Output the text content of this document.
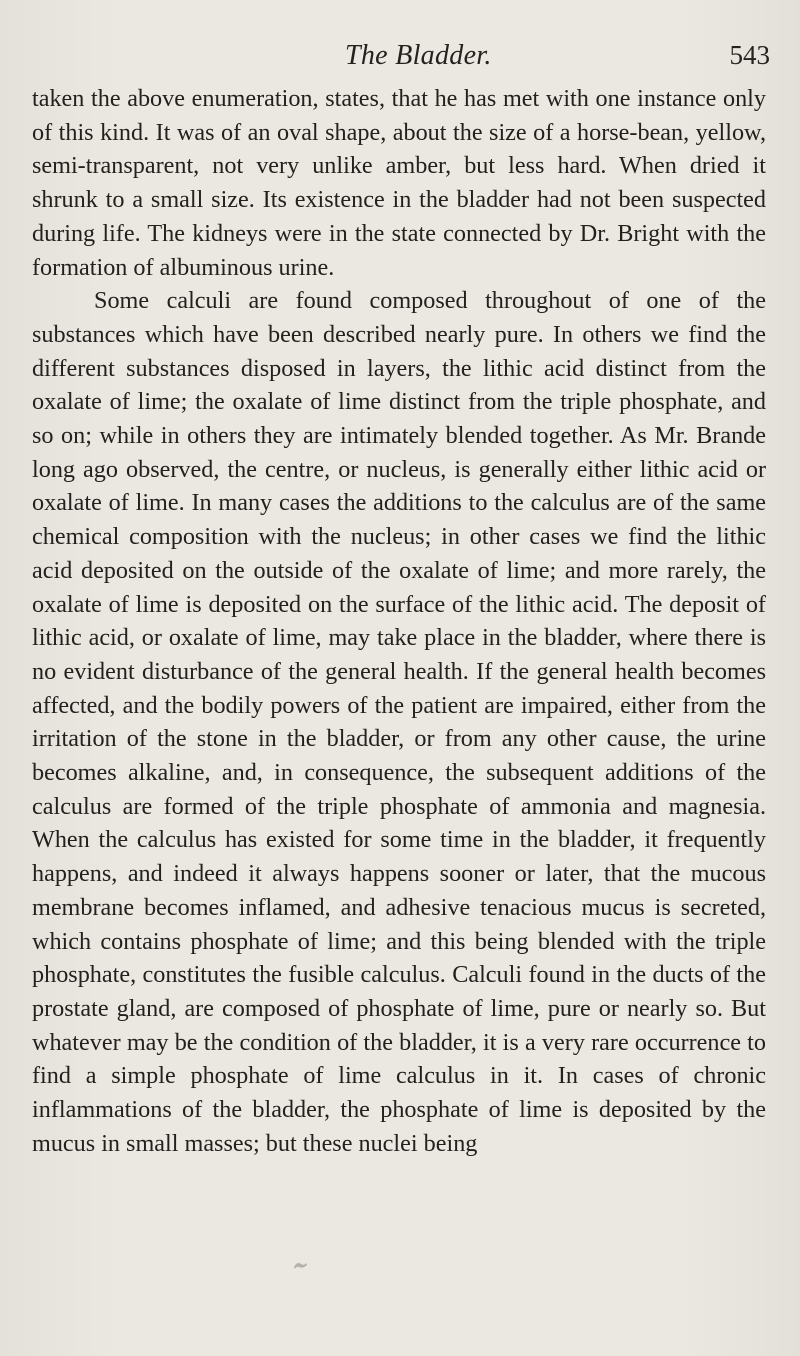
The Bladder.	543

taken the above enumeration, states, that he has met with one instance only of this kind. It was of an oval shape, about the size of a horse-bean, yellow, semi-transparent, not very unlike amber, but less hard. When dried it shrunk to a small size. Its existence in the bladder had not been suspected during life. The kidneys were in the state connected by Dr. Bright with the formation of albuminous urine.

Some calculi are found composed throughout of one of the substances which have been described nearly pure. In others we find the different substances disposed in layers, the lithic acid distinct from the oxalate of lime; the oxalate of lime distinct from the triple phosphate, and so on; while in others they are intimately blended together. As Mr. Brande long ago observed, the centre, or nucleus, is generally either lithic acid or oxalate of lime. In many cases the additions to the calculus are of the same chemical composition with the nucleus; in other cases we find the lithic acid deposited on the outside of the oxalate of lime; and more rarely, the oxalate of lime is deposited on the surface of the lithic acid. The deposit of lithic acid, or oxalate of lime, may take place in the bladder, where there is no evident disturbance of the general health. If the general health becomes affected, and the bodily powers of the patient are impaired, either from the irritation of the stone in the bladder, or from any other cause, the urine becomes alkaline, and, in consequence, the subsequent additions of the calculus are formed of the triple phosphate of ammonia and magnesia. When the calculus has existed for some time in the bladder, it frequently happens, and indeed it always happens sooner or later, that the mucous membrane becomes inflamed, and adhesive tenacious mucus is secreted, which contains phosphate of lime; and this being blended with the triple phosphate, constitutes the fusible calculus. Calculi found in the ducts of the prostate gland, are composed of phosphate of lime, pure or nearly so. But whatever may be the condition of the bladder, it is a very rare occurrence to find a simple phosphate of lime calculus in it. In cases of chronic inflammations of the bladder, the phosphate of lime is deposited by the mucus in small masses; but these nuclei being
